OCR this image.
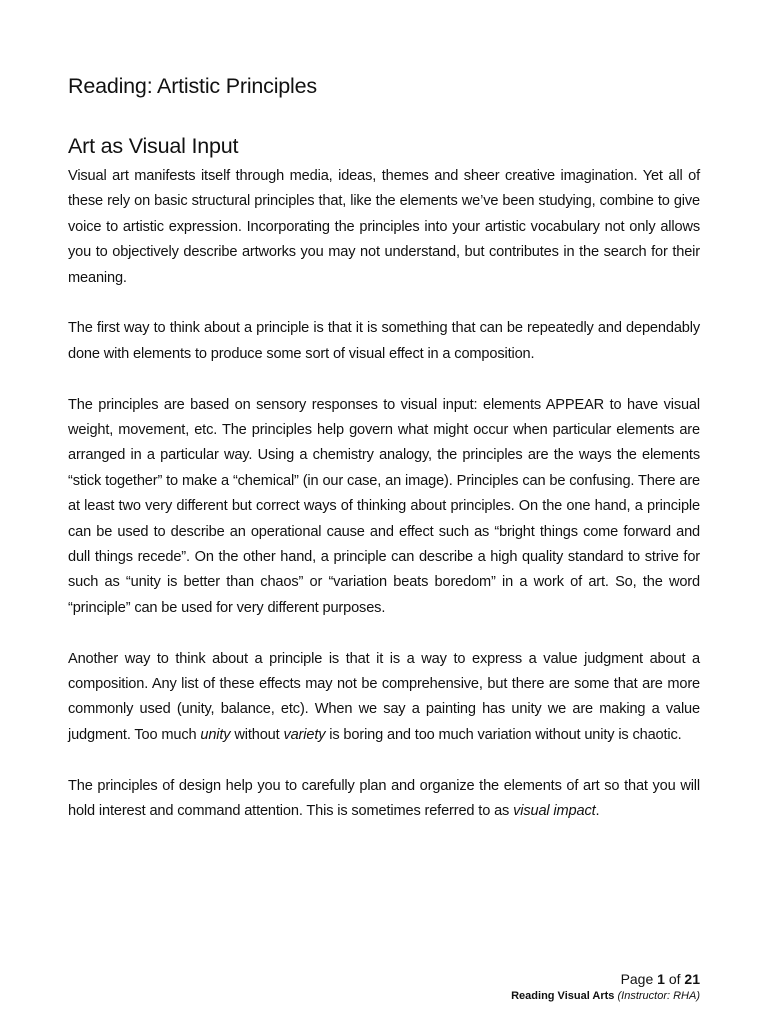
Reading: Artistic Principles
Art as Visual Input

Visual art manifests itself through media, ideas, themes and sheer creative imagination. Yet all of these rely on basic structural principles that, like the elements we’ve been studying, combine to give voice to artistic expression. Incorporating the principles into your artistic vocabulary not only allows you to objectively describe artworks you may not understand, but contributes in the search for their meaning.

The first way to think about a principle is that it is something that can be repeatedly and dependably done with elements to produce some sort of visual effect in a composition.

The principles are based on sensory responses to visual input: elements APPEAR to have visual weight, movement, etc. The principles help govern what might occur when particular elements are arranged in a particular way. Using a chemistry analogy, the principles are the ways the elements “stick together” to make a “chemical” (in our case, an image). Principles can be confusing. There are at least two very different but correct ways of thinking about principles. On the one hand, a principle can be used to describe an operational cause and effect such as “bright things come forward and dull things recede”. On the other hand, a principle can describe a high quality standard to strive for such as “unity is better than chaos” or “variation beats boredom” in a work of art. So, the word “principle” can be used for very different purposes.

Another way to think about a principle is that it is a way to express a value judgment about a composition. Any list of these effects may not be comprehensive, but there are some that are more commonly used (unity, balance, etc). When we say a painting has unity we are making a value judgment. Too much unity without variety is boring and too much variation without unity is chaotic.

The principles of design help you to carefully plan and organize the elements of art so that you will hold interest and command attention. This is sometimes referred to as visual impact.

Page 1 of 21
Reading Visual Arts (Instructor: RHA)
